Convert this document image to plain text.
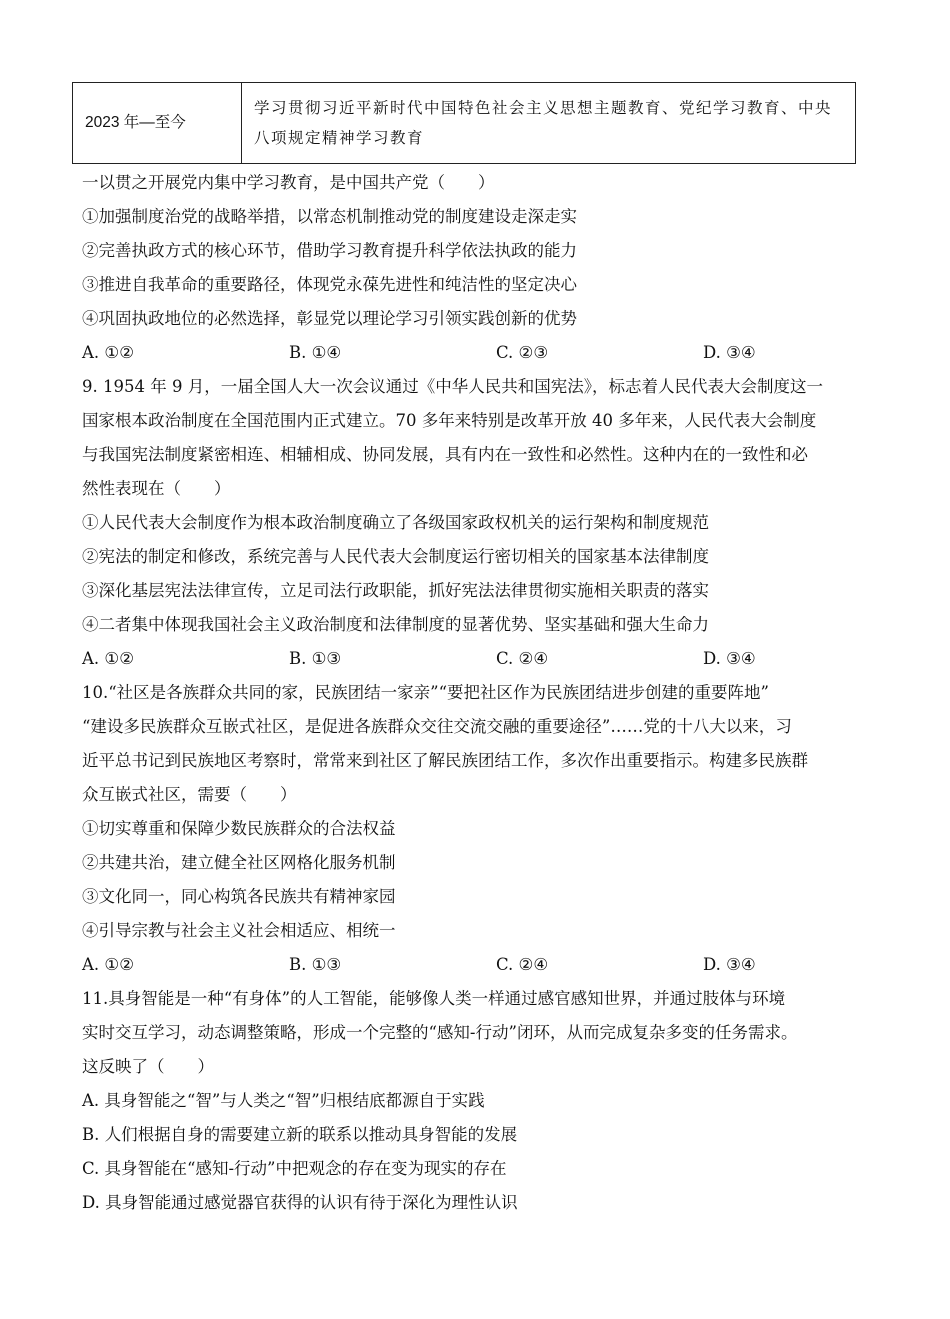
2023 年—至今	学习贯彻习近平新时代中国特色社会主义思想主题教育、党纪学习教育、中央八项规定精神学习教育
一以贯之开展党内集中学习教育，是中国共产党（　　）
①加强制度治党的战略举措，以常态机制推动党的制度建设走深走实
②完善执政方式的核心环节，借助学习教育提升科学依法执政的能力
③推进自我革命的重要路径，体现党永葆先进性和纯洁性的坚定决心
④巩固执政地位的必然选择，彰显党以理论学习引领实践创新的优势
A. ①②	B. ①④	C. ②③	D. ③④
9. 1954 年 9 月，一届全国人大一次会议通过《中华人民共和国宪法》，标志着人民代表大会制度这一
国家根本政治制度在全国范围内正式建立。70 多年来特别是改革开放 40 多年来，人民代表大会制度
与我国宪法制度紧密相连、相辅相成、协同发展，具有内在一致性和必然性。这种内在的一致性和必
然性表现在（　　）
①人民代表大会制度作为根本政治制度确立了各级国家政权机关的运行架构和制度规范
②宪法的制定和修改，系统完善与人民代表大会制度运行密切相关的国家基本法律制度
③深化基层宪法法律宣传，立足司法行政职能，抓好宪法法律贯彻实施相关职责的落实
④二者集中体现我国社会主义政治制度和法律制度的显著优势、坚实基础和强大生命力
A. ①②	B. ①③	C. ②④	D. ③④
10.“社区是各族群众共同的家，民族团结一家亲”“要把社区作为民族团结进步创建的重要阵地”
“建设多民族群众互嵌式社区，是促进各族群众交往交流交融的重要途径”……党的十八大以来，习
近平总书记到民族地区考察时，常常来到社区了解民族团结工作，多次作出重要指示。构建多民族群
众互嵌式社区，需要（　　）
①切实尊重和保障少数民族群众的合法权益
②共建共治，建立健全社区网格化服务机制
③文化同一，同心构筑各民族共有精神家园
④引导宗教与社会主义社会相适应、相统一
A. ①②	B. ①③	C. ②④	D. ③④
11.具身智能是一种“有身体”的人工智能，能够像人类一样通过感官感知世界，并通过肢体与环境
实时交互学习，动态调整策略，形成一个完整的“感知-行动”闭环，从而完成复杂多变的任务需求。
这反映了（　　）
A. 具身智能之“智”与人类之“智”归根结底都源自于实践
B. 人们根据自身的需要建立新的联系以推动具身智能的发展
C. 具身智能在“感知-行动”中把观念的存在变为现实的存在
D. 具身智能通过感觉器官获得的认识有待于深化为理性认识
